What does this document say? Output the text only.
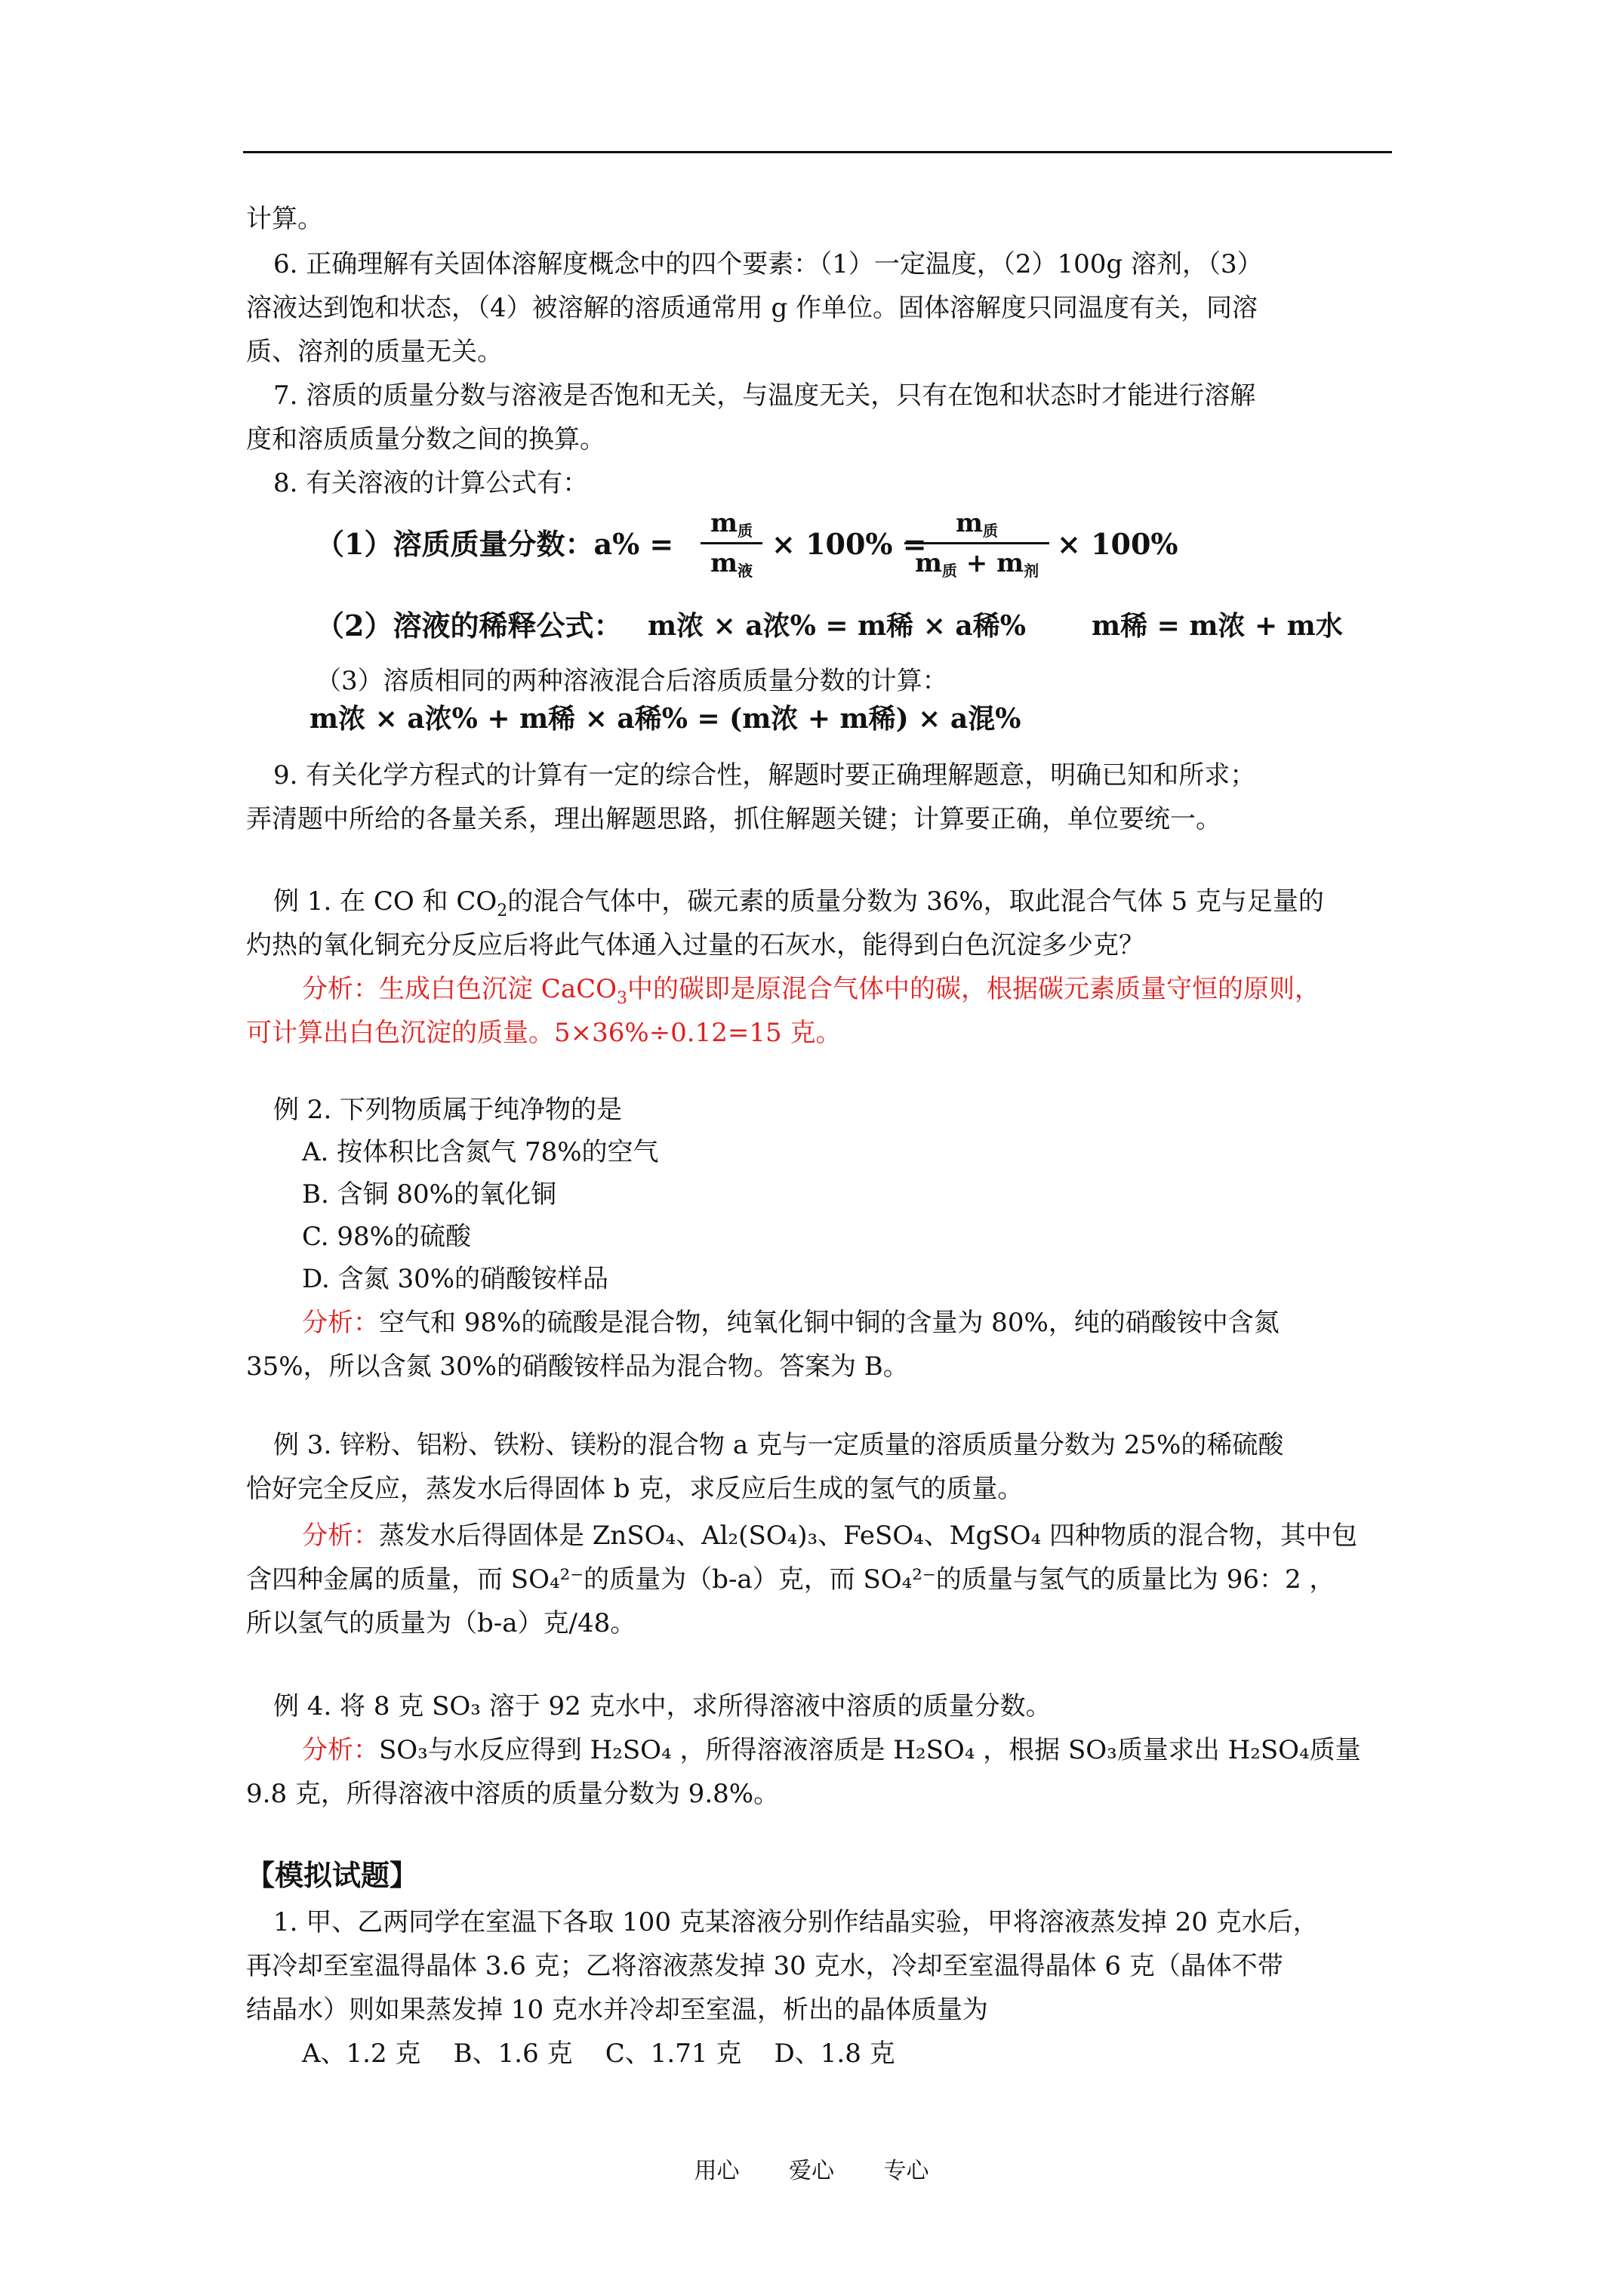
计算。
6. 正确理解有关固体溶解度概念中的四个要素：（1）一定温度，（2）100g 溶剂，（3）
溶液达到饱和状态，（4）被溶解的溶质通常用 g 作单位。固体溶解度只同温度有关，同溶
质、溶剂的质量无关。
7. 溶质的质量分数与溶液是否饱和无关，与温度无关，只有在饱和状态时才能进行溶解
度和溶质质量分数之间的换算。
8. 有关溶液的计算公式有：
（1）溶质质量分数：a% =
$m_质$
$m_液$
× 100% =
$m_质$
$m_质 + m_剂$
× 100%
（2）溶液的稀释公式： m浓 × a浓% = m稀 × a稀% m稀 = m浓 + m水
（3）溶质相同的两种溶液混合后溶质质量分数的计算：
m浓 × a浓% + m稀 × a稀% = (m浓 + m稀) × a混%
9. 有关化学方程式的计算有一定的综合性，解题时要正确理解题意，明确已知和所求；
弄清题中所给的各量关系，理出解题思路，抓住解题关键；计算要正确，单位要统一。
例 1. 在 CO 和 $CO_2$的混合气体中，碳元素的质量分数为 36%，取此混合气体 5 克与足量的
灼热的氧化铜充分反应后将此气体通入过量的石灰水，能得到白色沉淀多少克？
分析：生成白色沉淀 CaCO$_3$中的碳即是原混合气体中的碳，根据碳元素质量守恒的原则，
可计算出白色沉淀的质量。5×36%÷0.12=15 克。
例 2. 下列物质属于纯净物的是
A. 按体积比含氮气 78%的空气
B. 含铜 80%的氧化铜
C. 98%的硫酸
D. 含氮 30%的硝酸铵样品
分析：空气和 98%的硫酸是混合物，纯氧化铜中铜的含量为 80%，纯的硝酸铵中含氮
35%，所以含氮 30%的硝酸铵样品为混合物。答案为 B。
例 3. 锌粉、铝粉、铁粉、镁粉的混合物 a 克与一定质量的溶质质量分数为 25%的稀硫酸
恰好完全反应，蒸发水后得固体 b 克，求反应后生成的氢气的质量。
分析：蒸发水后得固体是 ZnSO₄、Al₂(SO₄)₃、FeSO₄、MgSO₄ 四种物质的混合物，其中包
含四种金属的质量，而 SO₄²⁻的质量为（b-a）克，而 SO₄²⁻的质量与氢气的质量比为 96：2 ，
所以氢气的质量为（b-a）克/48。
例 4. 将 8 克 SO₃ 溶于 92 克水中，求所得溶液中溶质的质量分数。
分析：SO₃与水反应得到 H₂SO₄ ，所得溶液溶质是 H₂SO₄ ，根据 SO₃质量求出 H₂SO₄质量
9.8 克，所得溶液中溶质的质量分数为 9.8%。
【模拟试题】
1. 甲、乙两同学在室温下各取 100 克某溶液分别作结晶实验，甲将溶液蒸发掉 20 克水后，
再冷却至室温得晶体 3.6 克；乙将溶液蒸发掉 30 克水，冷却至室温得晶体 6 克（晶体不带
结晶水）则如果蒸发掉 10 克水并冷却至室温，析出的晶体质量为
A、1.2 克    B、1.6 克    C、1.71 克    D、1.8 克
用心 爱心 专心
